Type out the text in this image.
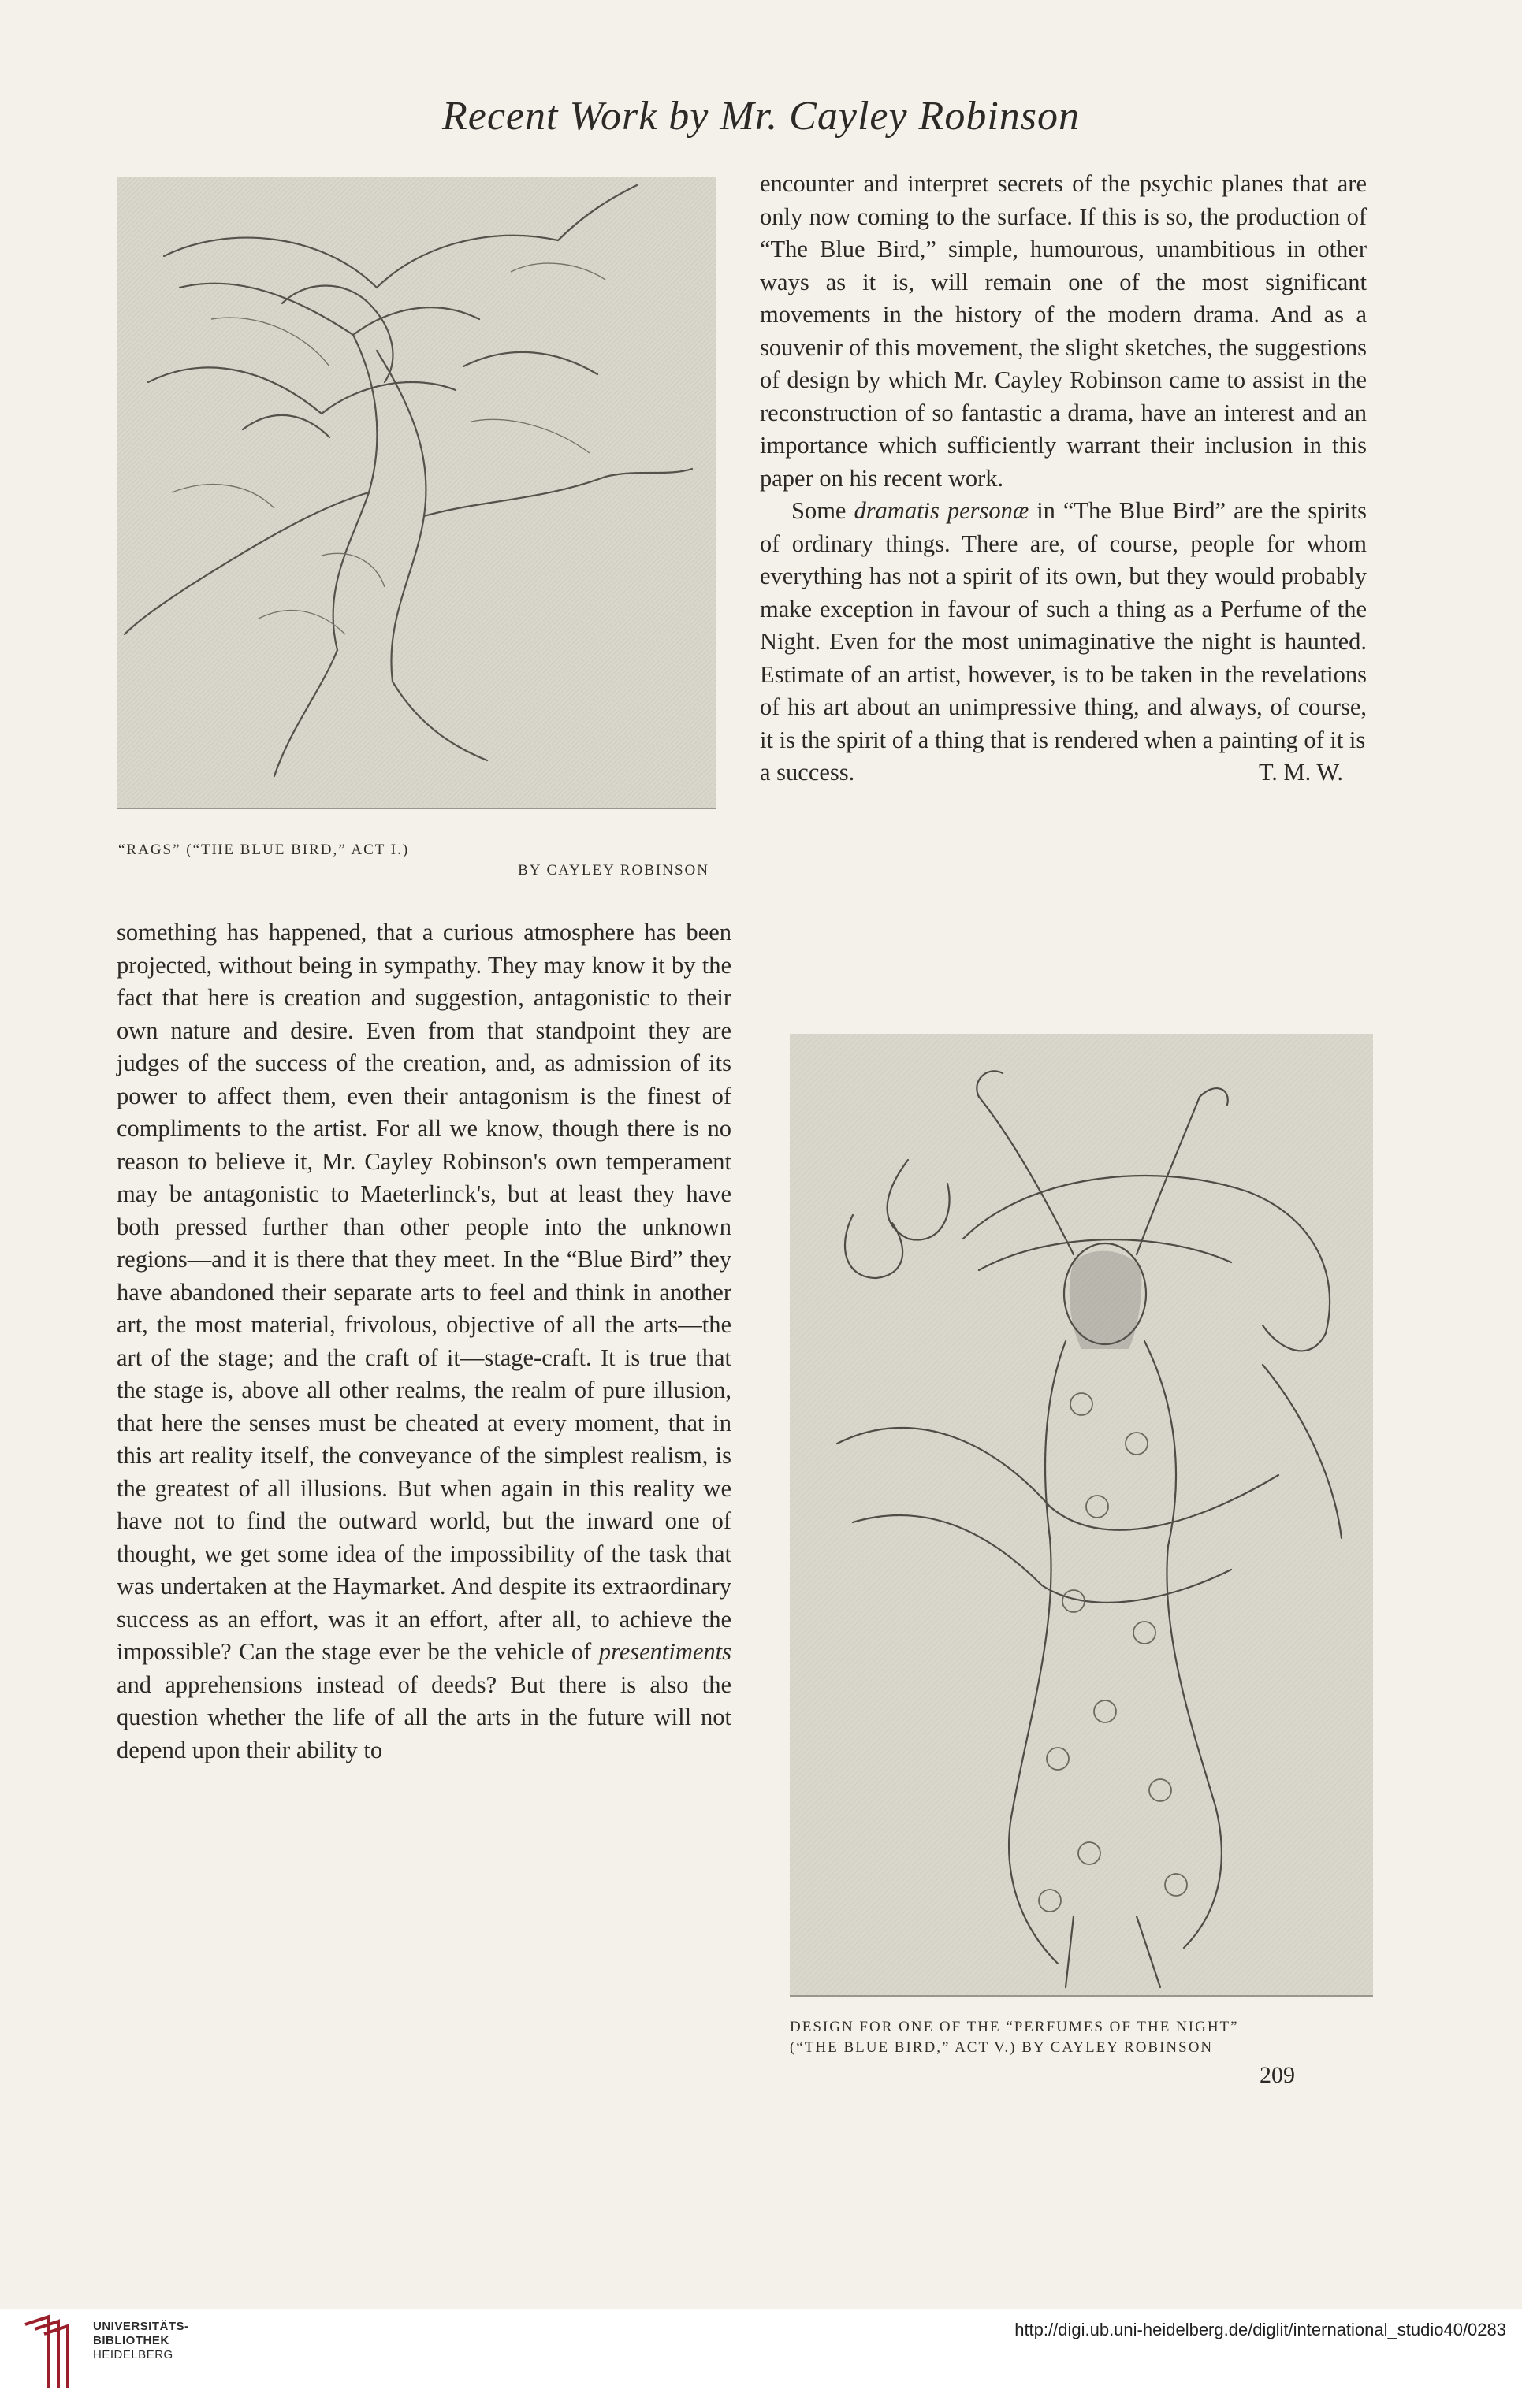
Recent Work by Mr. Cayley Robinson
“RAGS” (“THE BLUE BIRD,” ACT I.)
BY CAYLEY ROBINSON

something has happened, that a curious atmosphere has been projected, without being in sympathy. They may know it by the fact that here is creation and suggestion, antagonistic to their own nature and desire. Even from that standpoint they are judges of the success of the creation, and, as admission of its power to affect them, even their antagonism is the finest of compliments to the artist. For all we know, though there is no reason to believe it, Mr. Cayley Robinson's own temperament may be antagonistic to Maeterlinck's, but at least they have both pressed further than other people into the unknown regions—and it is there that they meet. In the “Blue Bird” they have abandoned their separate arts to feel and think in another art, the most material, frivolous, objective of all the arts—the art of the stage; and the craft of it—stage-craft. It is true that the stage is, above all other realms, the realm of pure illusion, that here the senses must be cheated at every moment, that in this art reality itself, the conveyance of the simplest realism, is the greatest of all illusions. But when again in this reality we have not to find the outward world, but the inward one of thought, we get some idea of the impossibility of the task that was undertaken at the Haymarket. And despite its extraordinary success as an effort, was it an effort, after all, to achieve the impossible? Can the stage ever be the vehicle of presentiments and apprehensions instead of deeds? But there is also the question whether the life of all the arts in the future will not depend upon their ability to

encounter and interpret secrets of the psychic planes that are only now coming to the surface. If this is so, the production of “The Blue Bird,” simple, humourous, unambitious in other ways as it is, will remain one of the most significant movements in the history of the modern drama. And as a souvenir of this movement, the slight sketches, the suggestions of design by which Mr. Cayley Robinson came to assist in the reconstruction of so fantastic a drama, have an interest and an importance which sufficiently warrant their inclusion in this paper on his recent work.

Some dramatis personæ in “The Blue Bird” are the spirits of ordinary things. There are, of course, people for whom everything has not a spirit of its own, but they would probably make exception in favour of such a thing as a Perfume of the Night. Even for the most unimaginative the night is haunted. Estimate of an artist, however, is to be taken in the revelations of his art about an unimpressive thing, and always, of course, it is the spirit of a thing that is rendered when a painting of it is

a success.	T. M. W.
DESIGN FOR ONE OF THE “PERFUMES OF THE NIGHT”
(“THE BLUE BIRD,” ACT V.) BY CAYLEY ROBINSON
209
UNIVERSITÄTS-
BIBLIOTHEK
HEIDELBERG
http://digi.ub.uni-heidelberg.de/diglit/international_studio40/0283
